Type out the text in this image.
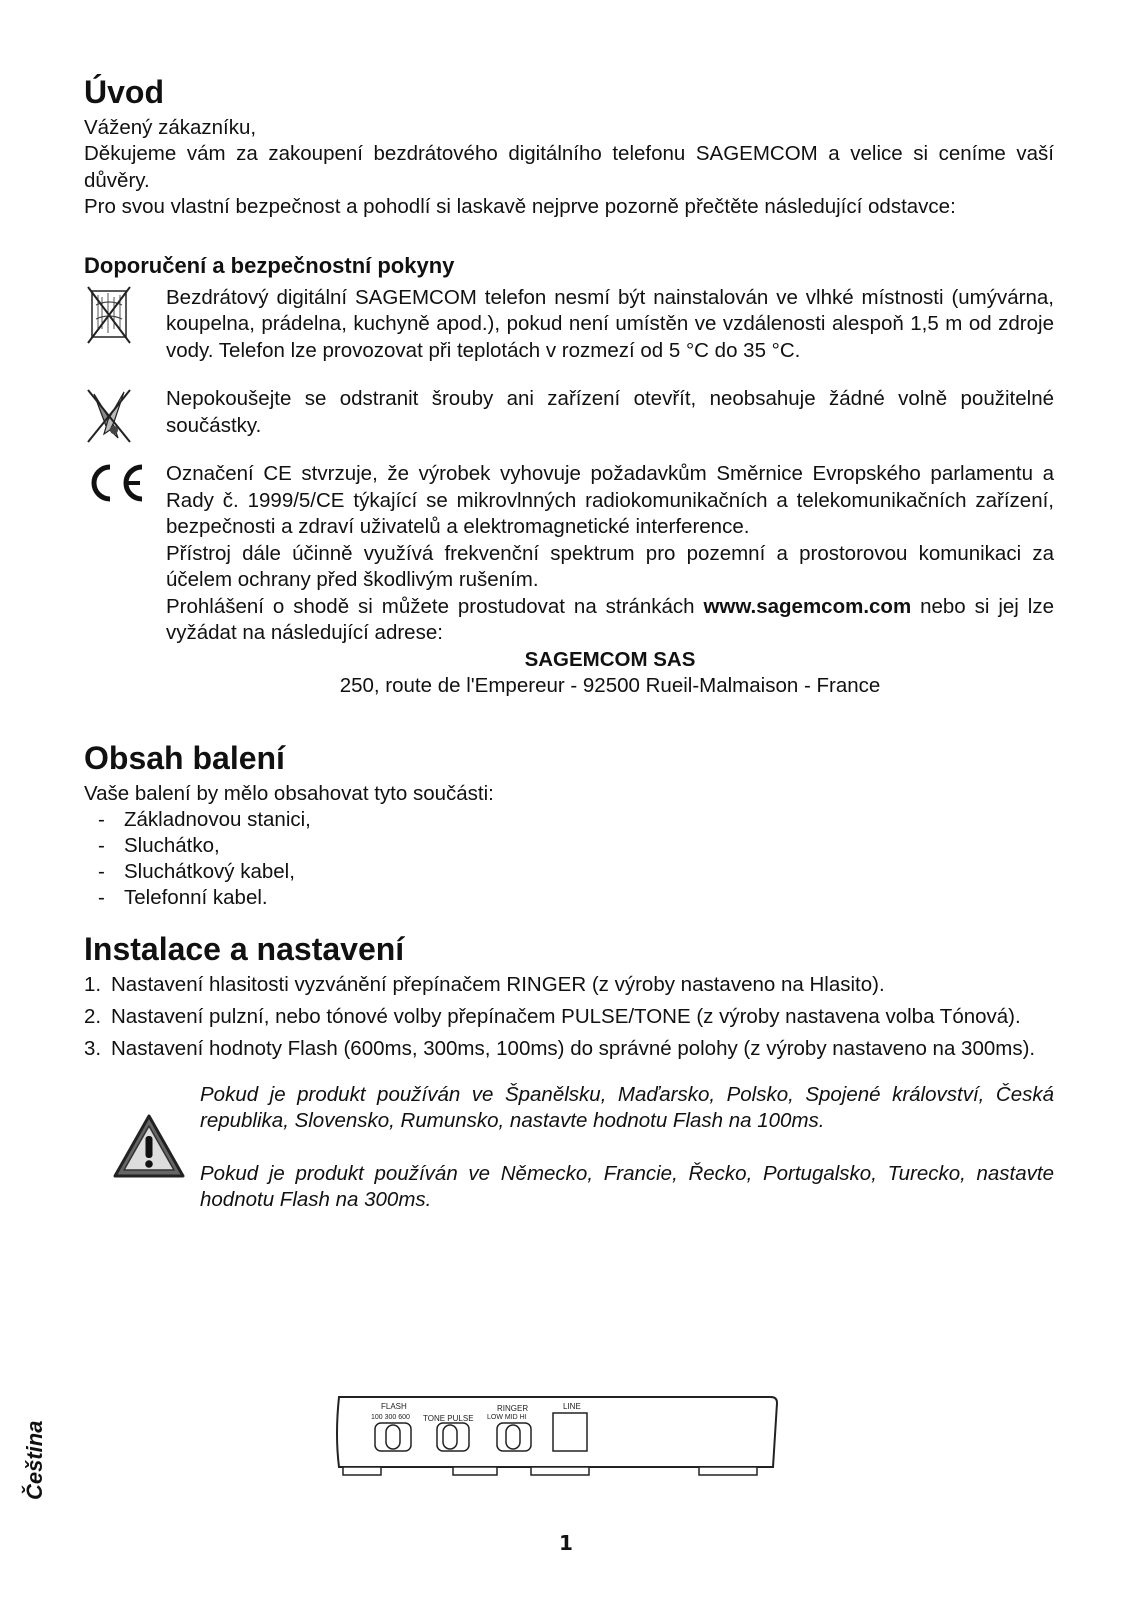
Úvod

Vážený zákazníku,

Děkujeme vám za zakoupení bezdrátového digitálního telefonu SAGEMCOM a velice si ceníme vaší důvěry.

Pro svou vlastní bezpečnost a pohodlí si laskavě nejprve pozorně přečtěte následující odstavce:

Doporučení a bezpečnostní pokyny

Bezdrátový digitální SAGEMCOM telefon nesmí být nainstalován ve vlhké místnosti (umývárna, koupelna, prádelna, kuchyně apod.), pokud není umístěn ve vzdálenosti alespoň 1,5 m od zdroje vody. Telefon lze provozovat při teplotách v rozmezí od 5 °C do 35 °C.

Nepokoušejte se odstranit šrouby ani zařízení otevřít, neobsahuje žádné volně použitelné součástky.

Označení CE stvrzuje, že výrobek vyhovuje požadavkům Směrnice Evropského parlamentu a Rady č. 1999/5/CE týkající se mikrovlnných radiokomunikačních a telekomunikačních zařízení, bezpečnosti a zdraví uživatelů a elektromagnetické interference.

Přístroj dále účinně využívá frekvenční spektrum pro pozemní a prostorovou komunikaci za účelem ochrany před škodlivým rušením.

Prohlášení o shodě si můžete prostudovat na stránkách www.sagemcom.com nebo si jej lze vyžádat na následující adrese:

SAGEMCOM SAS

250, route de l'Empereur - 92500 Rueil-Malmaison - France

Obsah balení

Vaše balení by mělo obsahovat tyto součásti:

- Základnovou stanici,
- Sluchátko,
- Sluchátkový kabel,
- Telefonní kabel.
Instalace a nastavení
1. Nastavení hlasitosti vyzvánění přepínačem RINGER (z výroby nastaveno na Hlasito).
2. Nastavení pulzní, nebo tónové volby přepínačem PULSE/TONE (z výroby nastavena volba Tónová).
3. Nastavení hodnoty Flash (600ms, 300ms, 100ms) do správné polohy (z výroby nastaveno na 300ms).

Pokud je produkt používán ve Španělsku, Maďarsko, Polsko, Spojené království, Česká republika, Slovensko, Rumunsko, nastavte hodnotu Flash na 100ms.

Pokud je produkt používán ve Německo, Francie, Řecko, Portugalsko, Turecko, nastavte hodnotu Flash na 300ms.

FLASH
100 300 600 TONE PULSE
RINGER
LOW MID HI
LINE
Čeština
1
